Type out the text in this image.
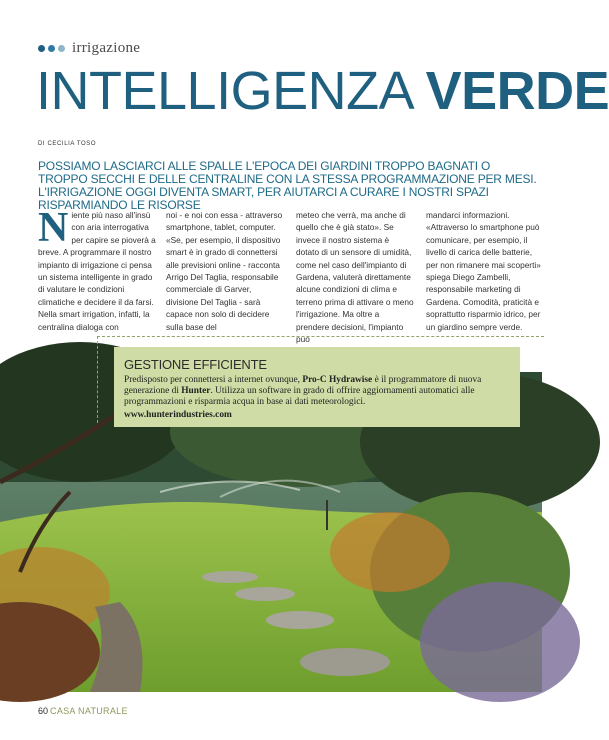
irrigazione
INTELLIGENZA VERDE
DI CECILIA TOSO

POSSIAMO LASCIARCI ALLE SPALLE L'EPOCA DEI GIARDINI TROPPO BAGNATI O TROPPO SECCHI E DELLE CENTRALINE CON LA STESSA PROGRAMMAZIONE PER MESI. L'IRRIGAZIONE OGGI DIVENTA SMART, PER AIUTARCI A CURARE I NOSTRI SPAZI RISPARMIANDO LE RISORSE

Niente più naso all'insù con aria interrogativa per capire se pioverà a breve. A programmare il nostro impianto di irrigazione ci pensa un sistema intelligente in grado di valutare le condizioni climatiche e decidere il da farsi. Nella smart irrigation, infatti, la centralina dialoga con
noi - e noi con essa - attraverso smartphone, tablet, computer. «Se, per esempio, il dispositivo smart è in grado di connettersi alle previsioni online - racconta Arrigo Del Taglia, responsabile commerciale di Garver, divisione Del Taglia - sarà capace non solo di decidere sulla base del
meteo che verrà, ma anche di quello che è già stato». Se invece il nostro sistema è dotato di un sensore di umidità, come nel caso dell'impianto di Gardena, valuterà direttamente alcune condizioni di clima e terreno prima di attivare o meno l'irrigazione. Ma oltre a prendere decisioni, l'impianto può
mandarci informazioni. «Attraverso lo smartphone può comunicare, per esempio, il livello di carica delle batterie, per non rimanere mai scoperti» spiega Diego Zambelli, responsabile marketing di Gardena. Comodità, praticità e soprattutto risparmio idrico, per un giardino sempre verde.
GESTIONE EFFICIENTE

Predisposto per connettersi a internet ovunque, Pro-C Hydrawise è il programmatore di nuova generazione di Hunter. Utilizza un software in grado di offrire aggiornamenti automatici alle programmazioni e risparmia acqua in base ai dati meteorologici.

www.hunterindustries.com
60 CASA NATURALE
